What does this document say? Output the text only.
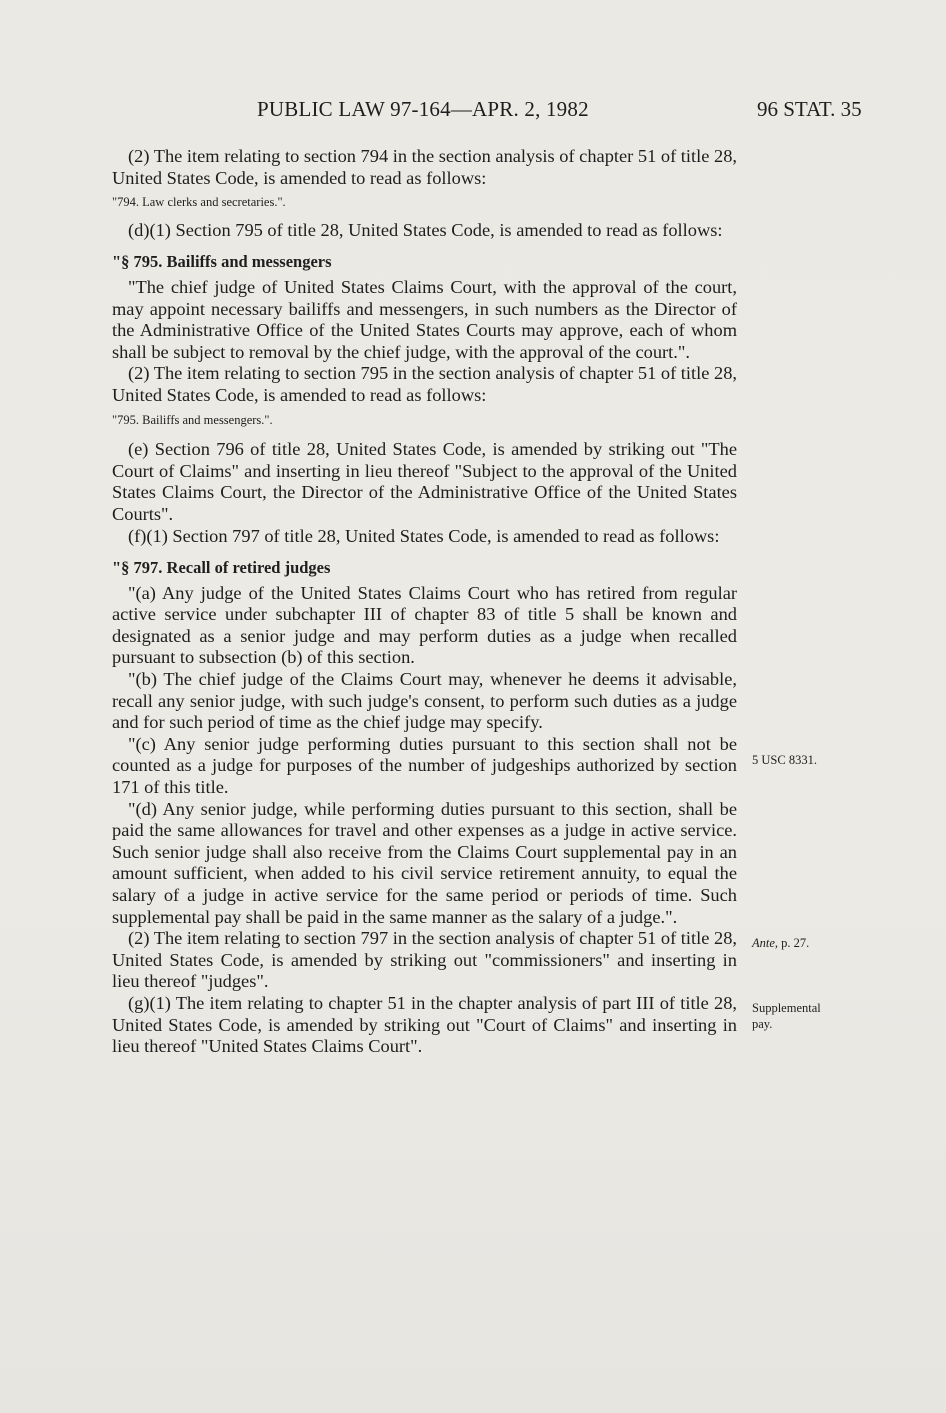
PUBLIC LAW 97-164—APR. 2, 1982	96 STAT. 35

(2) The item relating to section 794 in the section analysis of chapter 51 of title 28, United States Code, is amended to read as follows:

"794. Law clerks and secretaries.".

(d)(1) Section 795 of title 28, United States Code, is amended to read as follows:

"§ 795. Bailiffs and messengers

"The chief judge of United States Claims Court, with the approval of the court, may appoint necessary bailiffs and messengers, in such numbers as the Director of the Administrative Office of the United States Courts may approve, each of whom shall be subject to removal by the chief judge, with the approval of the court.".

(2) The item relating to section 795 in the section analysis of chapter 51 of title 28, United States Code, is amended to read as follows:

"795. Bailiffs and messengers.".

(e) Section 796 of title 28, United States Code, is amended by striking out "The Court of Claims" and inserting in lieu thereof "Subject to the approval of the United States Claims Court, the Director of the Administrative Office of the United States Courts".

(f)(1) Section 797 of title 28, United States Code, is amended to read as follows:

"§ 797. Recall of retired judges

"(a) Any judge of the United States Claims Court who has retired from regular active service under subchapter III of chapter 83 of title 5 shall be known and designated as a senior judge and may perform duties as a judge when recalled pursuant to subsection (b) of this section.

"(b) The chief judge of the Claims Court may, whenever he deems it advisable, recall any senior judge, with such judge's consent, to perform such duties as a judge and for such period of time as the chief judge may specify.

"(c) Any senior judge performing duties pursuant to this section shall not be counted as a judge for purposes of the number of judgeships authorized by section 171 of this title.

"(d) Any senior judge, while performing duties pursuant to this section, shall be paid the same allowances for travel and other expenses as a judge in active service. Such senior judge shall also receive from the Claims Court supplemental pay in an amount sufficient, when added to his civil service retirement annuity, to equal the salary of a judge in active service for the same period or periods of time. Such supplemental pay shall be paid in the same manner as the salary of a judge.".

(2) The item relating to section 797 in the section analysis of chapter 51 of title 28, United States Code, is amended by striking out "commissioners" and inserting in lieu thereof "judges".

(g)(1) The item relating to chapter 51 in the chapter analysis of part III of title 28, United States Code, is amended by striking out "Court of Claims" and inserting in lieu thereof "United States Claims Court".

5 USC 8331.
Ante, p. 27.
Supplemental
pay.
